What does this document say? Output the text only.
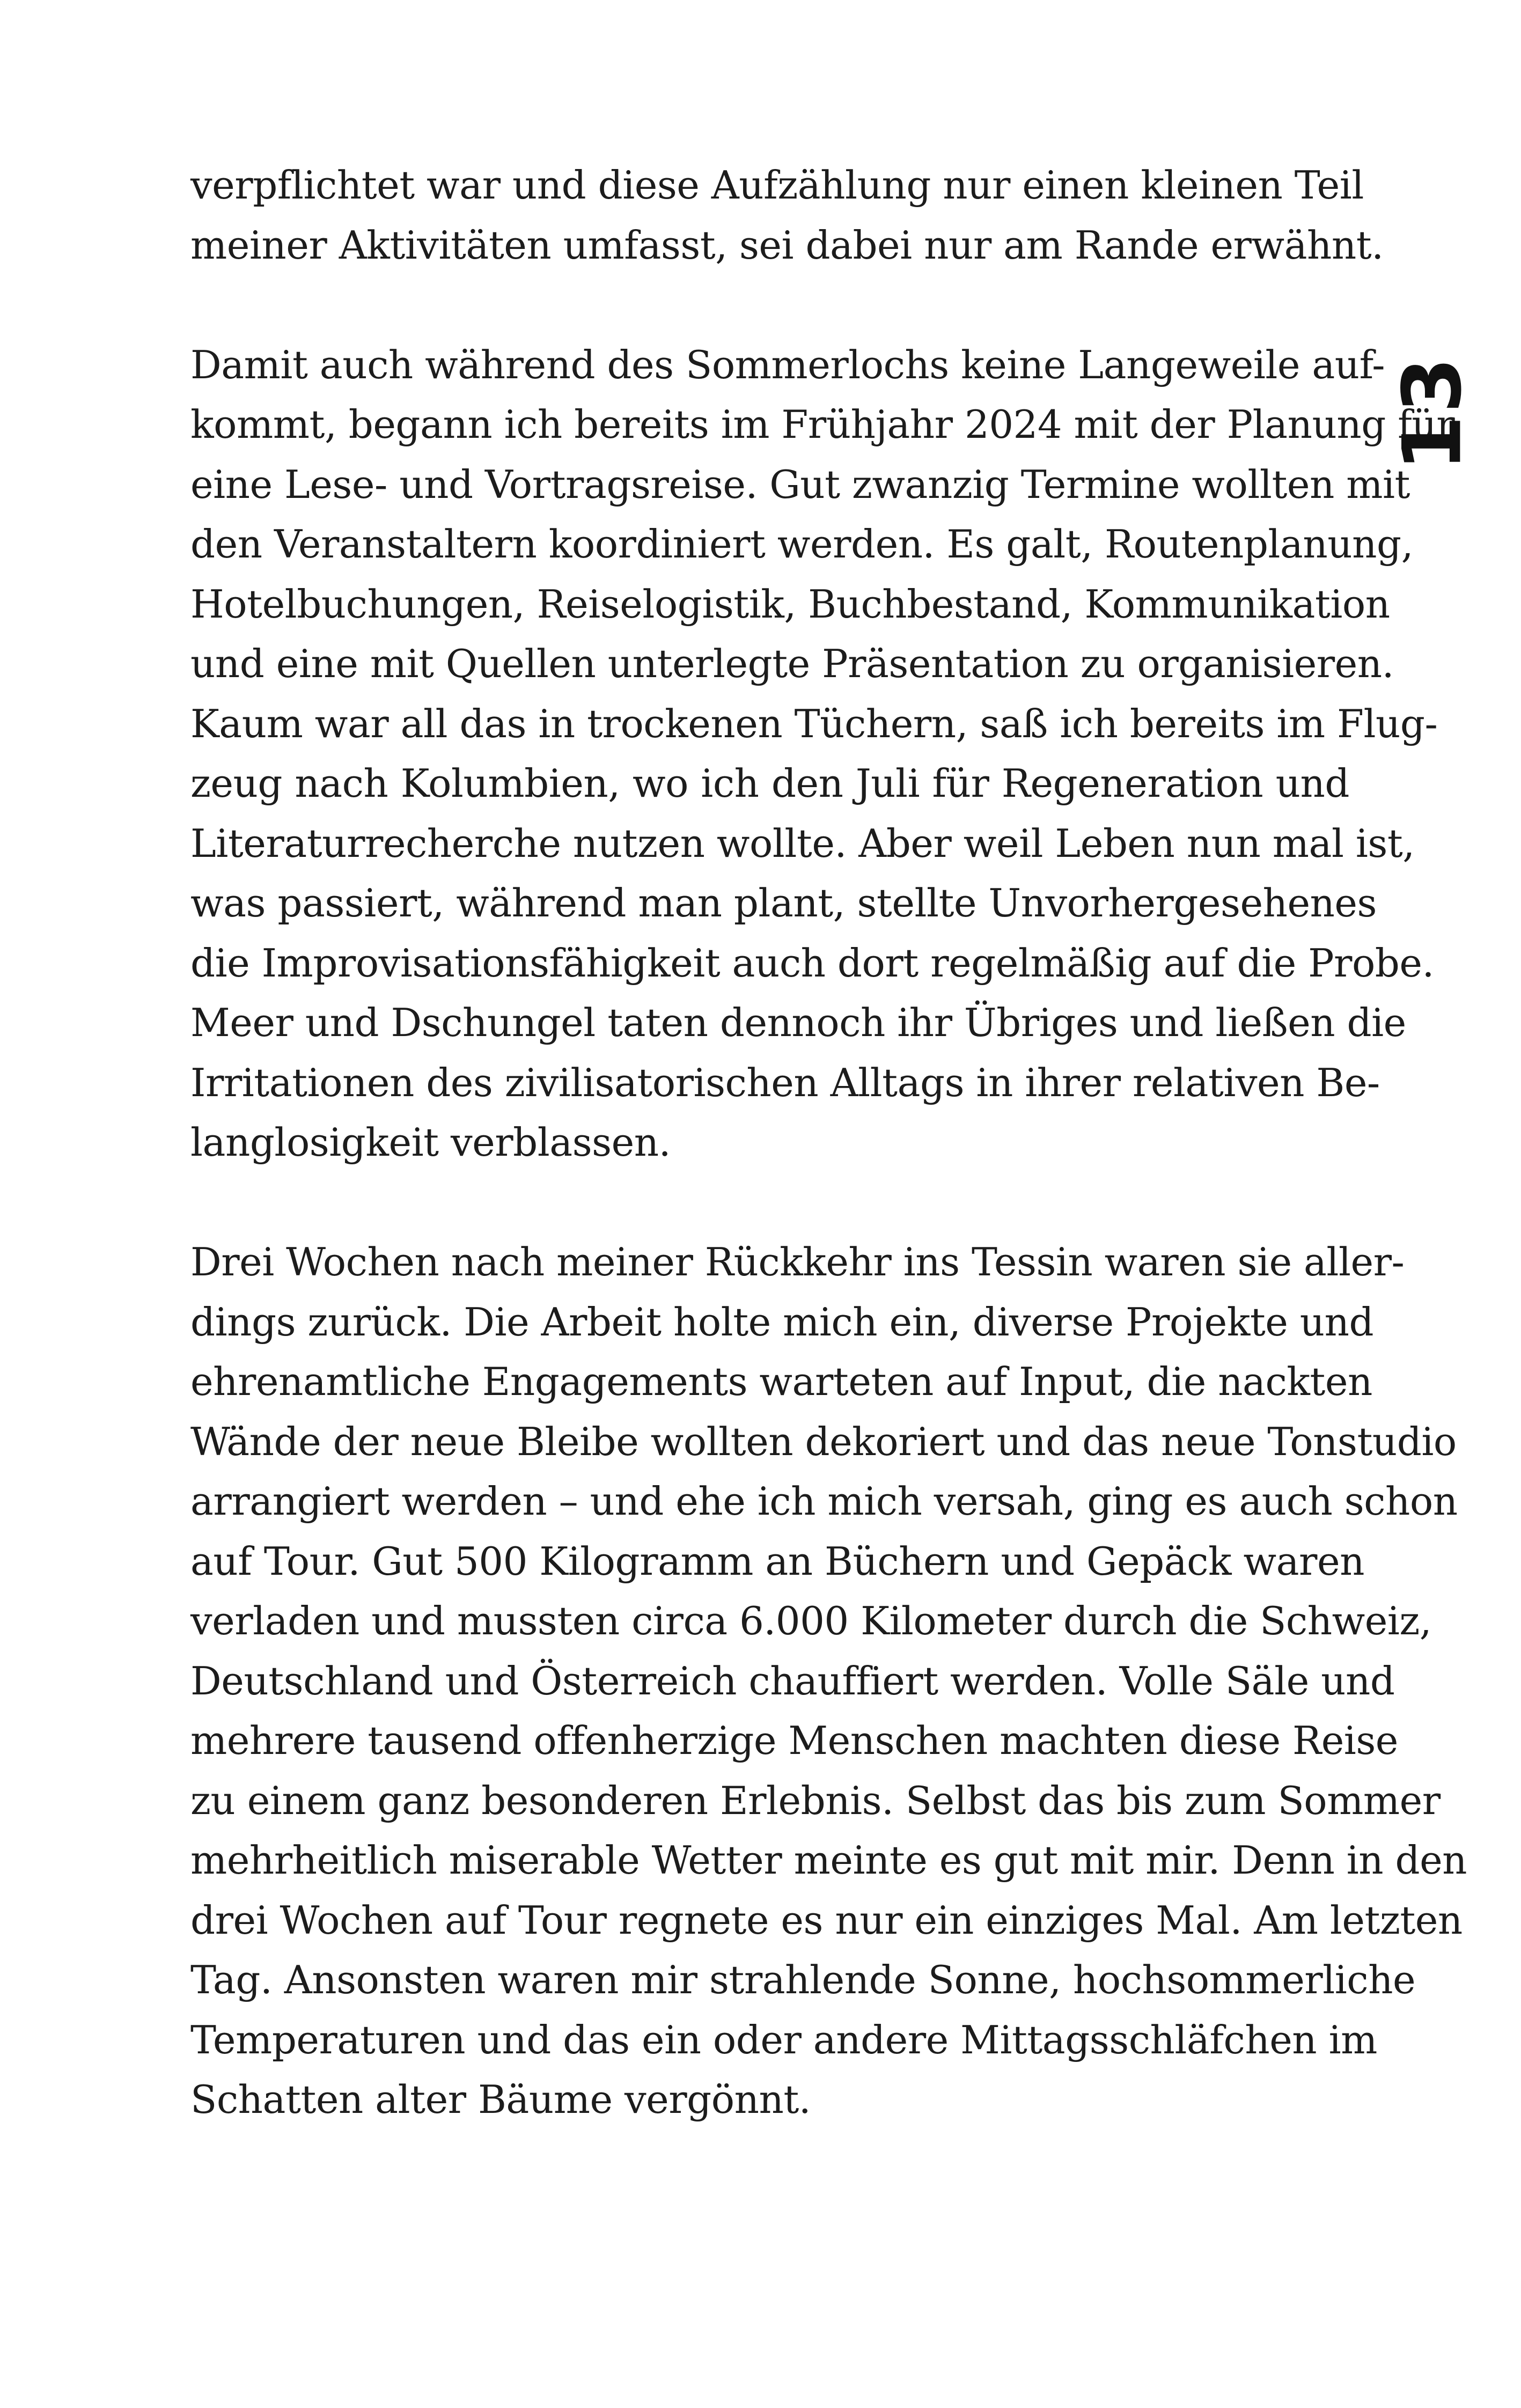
verpflichtet war und diese Aufzählung nur einen kleinen Teil
meiner Aktivitäten umfasst, sei dabei nur am Rande erwähnt.

Damit auch während des Sommerlochs keine Langeweile auf-
kommt, begann ich bereits im Frühjahr 2024 mit der Planung für
eine Lese- und Vortragsreise. Gut zwanzig Termine wollten mit
den Veranstaltern koordiniert werden. Es galt, Routenplanung,
Hotelbuchungen, Reiselogistik, Buchbestand, Kommunikation
und eine mit Quellen unterlegte Präsentation zu organisieren.
Kaum war all das in trockenen Tüchern, saß ich bereits im Flug-
zeug nach Kolumbien, wo ich den Juli für Regeneration und
Literaturrecherche nutzen wollte. Aber weil Leben nun mal ist,
was passiert, während man plant, stellte Unvorhergesehenes
die Improvisationsfähigkeit auch dort regelmäßig auf die Probe.
Meer und Dschungel taten dennoch ihr Übriges und ließen die
Irritationen des zivilisatorischen Alltags in ihrer relativen Be-
langlosigkeit verblassen.

Drei Wochen nach meiner Rückkehr ins Tessin waren sie aller-
dings zurück. Die Arbeit holte mich ein, diverse Projekte und
ehrenamtliche Engagements warteten auf Input, die nackten
Wände der neue Bleibe wollten dekoriert und das neue Tonstudio
arrangiert werden – und ehe ich mich versah, ging es auch schon
auf Tour. Gut 500 Kilogramm an Büchern und Gepäck waren
verladen und mussten circa 6.000 Kilometer durch die Schweiz,
Deutschland und Österreich chauffiert werden. Volle Säle und
mehrere tausend offenherzige Menschen machten diese Reise
zu einem ganz besonderen Erlebnis. Selbst das bis zum Sommer
mehrheitlich miserable Wetter meinte es gut mit mir. Denn in den
drei Wochen auf Tour regnete es nur ein einziges Mal. Am letzten
Tag. Ansonsten waren mir strahlende Sonne, hochsommerliche
Temperaturen und das ein oder andere Mittagsschläfchen im
Schatten alter Bäume vergönnt.

13
